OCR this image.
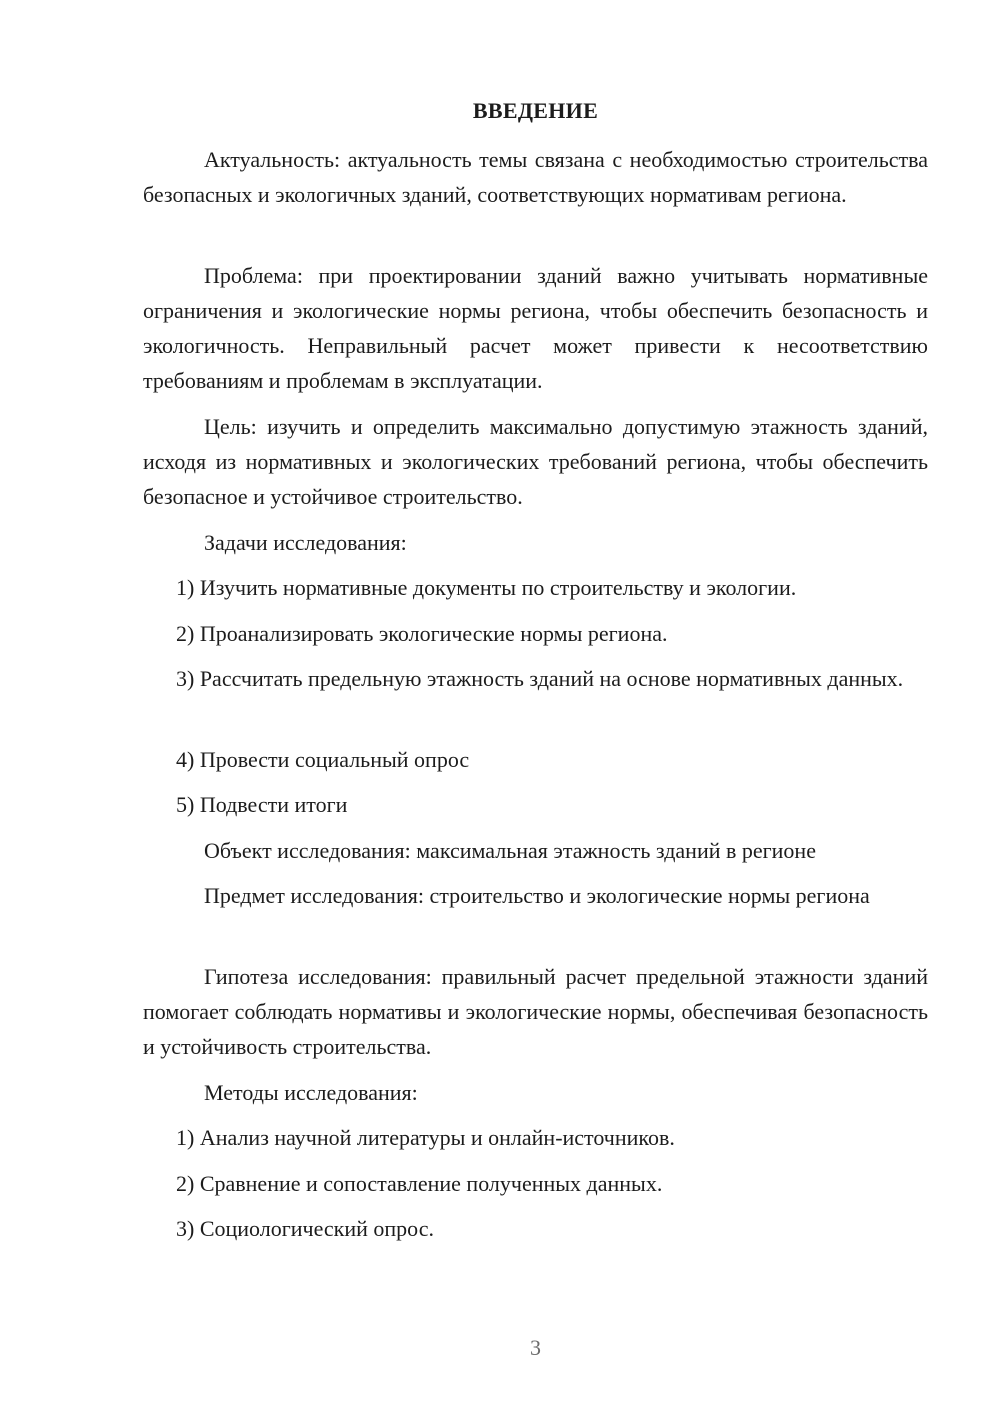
ВВЕДЕНИЕ

Актуальность: актуальность темы связана с необходимостью строительства безопасных и экологичных зданий, соответствующих нормативам региона.

Проблема: при проектировании зданий важно учитывать нормативные ограничения и экологические нормы региона, чтобы обеспечить безопасность и экологичность. Неправильный расчет может привести к несоответствию требованиям и проблемам в эксплуатации.

Цель: изучить и определить максимально допустимую этажность зданий, исходя из нормативных и экологических требований региона, чтобы обеспечить безопасное и устойчивое строительство.

Задачи исследования:

1) Изучить нормативные документы по строительству и экологии.

2) Проанализировать экологические нормы региона.

3) Рассчитать предельную этажность зданий на основе нормативных данных.

4) Провести социальный опрос

5) Подвести итоги

Объект исследования: максимальная этажность зданий в регионе

Предмет исследования: строительство и экологические нормы региона

Гипотеза исследования: правильный расчет предельной этажности зданий помогает соблюдать нормативы и экологические нормы, обеспечивая безопасность и устойчивость строительства.

Методы исследования:

1) Анализ научной литературы и онлайн-источников.

2) Сравнение и сопоставление полученных данных.

3) Социологический опрос.

3
